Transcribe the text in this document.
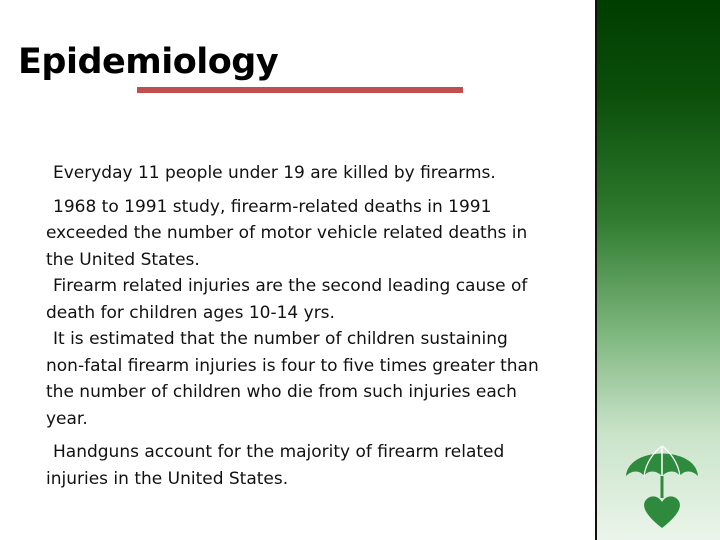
Epidemiology

Everyday 11 people under 19 are killed by firearms.

1968 to 1991 study, firearm-related deaths in 1991 exceeded the number of motor vehicle related deaths in the United States.

Firearm related injuries are the second leading cause of death for children ages 10-14 yrs.

It is estimated that the number of children sustaining non-fatal firearm injuries is four to five times greater than the number of children who die from such injuries each year.

Handguns account for the majority of firearm related injuries in the United States.
